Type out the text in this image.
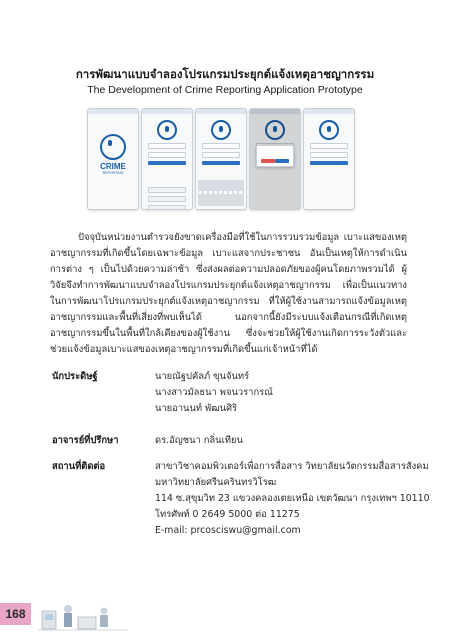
การพัฒนาแบบจำลองโปรแกรมประยุกต์แจ้งเหตุอาชญากรรม
The Development of Crime Reporting Application Prototype
CRIME
REPORTING

ปัจจุบันหน่วยงานตำรวจยังขาดเครื่องมือที่ใช้ในการรวบรวมข้อมูล เบาะแสของเหตุอาชญากรรมที่เกิดขึ้นโดยเฉพาะข้อมูล เบาะแสจากประชาชน อันเป็นเหตุให้การดำเนินการต่าง ๆ เป็นไปด้วยความล่าช้า ซึ่งส่งผลต่อความปลอดภัยของผู้คนโดยภาพรวมได้ ผู้วิจัยจึงทำการพัฒนาแบบจำลองโปรแกรมประยุกต์แจ้งเหตุอาชญากรรม เพื่อเป็นแนวทางในการพัฒนาโปรแกรมประยุกต์แจ้งเหตุอาชญากรรม ที่ให้ผู้ใช้งานสามารถแจ้งข้อมูลเหตุอาชญากรรมและพื้นที่เสี่ยงที่พบเห็นได้ นอกจากนี้ยังมีระบบแจ้งเตือนกรณีที่เกิดเหตุอาชญากรรมขึ้นในพื้นที่ใกล้เคียงของผู้ใช้งาน ซึ่งจะช่วยให้ผู้ใช้งานเกิดการระวังตัวและช่วยแจ้งข้อมูลเบาะแสของเหตุอาชญากรรมที่เกิดขึ้นแก่เจ้าหน้าที่ได้

นักประดิษฐ์	นายณัฐปคัลภ์ ขุนจันทร์
นางสาวมัลธนา พจนวรากรณ์
นายอานนท์ พัฒนศิริ
อาจารย์ที่ปรึกษา	ดร.อัญชนา กลิ่นเทียน
สถานที่ติดต่อ	สาขาวิชาคอมพิวเตอร์เพื่อการสื่อสาร วิทยาลัยนวัตกรรมสื่อสารสังคม
มหาวิทยาลัยศรีนครินทรวิโรฒ
114 ซ.สุขุมวิท 23 แขวงคลองเตยเหนือ เขตวัฒนา กรุงเทพฯ 10110
โทรศัพท์ 0 2649 5000 ต่อ 11275
E-mail: prcosciswu@gmail.com
168
